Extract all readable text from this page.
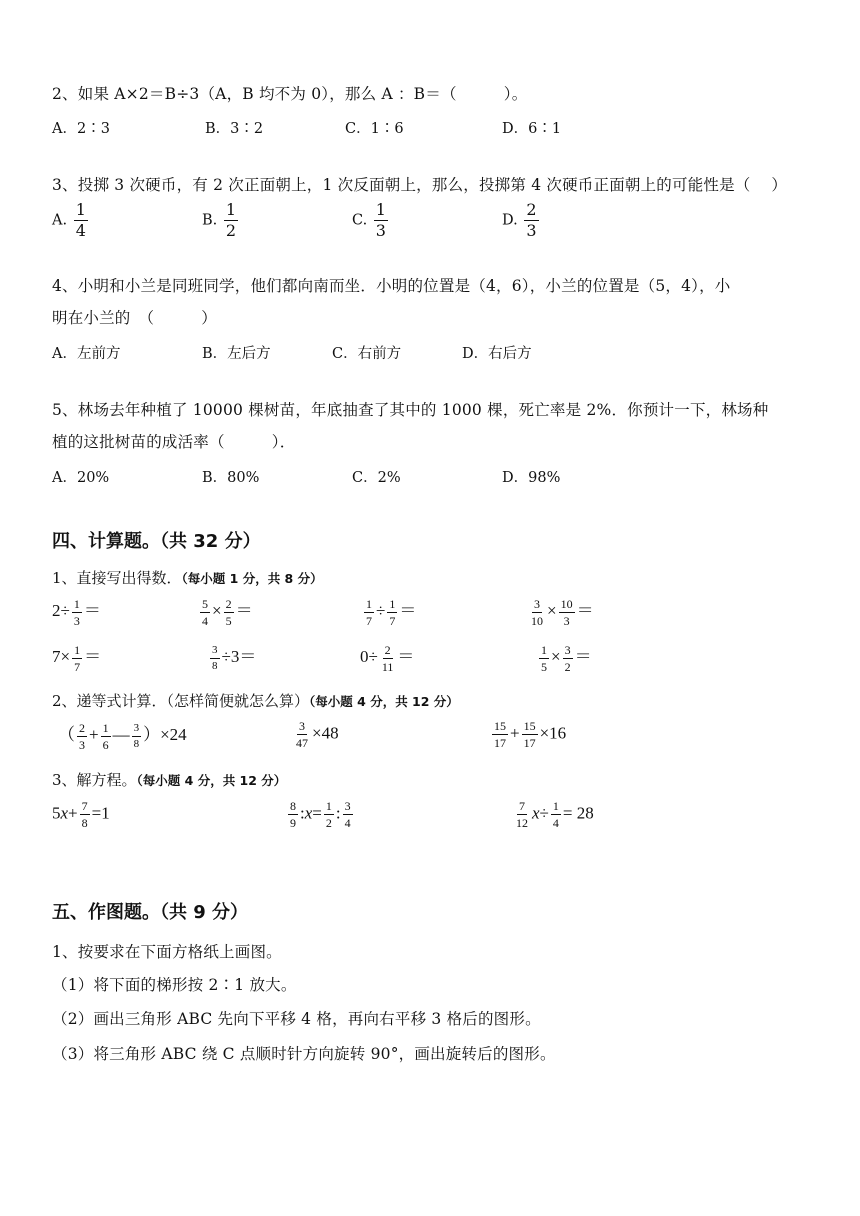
2、如果 A×2＝B÷3（A，B 均不为 0），那么 A ：B＝（　　　）。
A．2∶3	B．3∶2	C．1∶6	D．6∶1
3、投掷 3 次硬币，有 2 次正面朝上，1 次反面朝上，那么，投掷第 4 次硬币正面朝上的可能性是（　 ）
A. $\frac{1}{4}$	B. $\frac{1}{2}$	C. $\frac{1}{3}$	D. $\frac{2}{3}$
4、小明和小兰是同班同学，他们都向南而坐．小明的位置是（4，6），小兰的位置是（5，4），小
明在小兰的　（　　　）
A．左前方	B．左后方	C．右前方	D．右后方
5、林场去年种植了 10000 棵树苗，年底抽查了其中的 1000 棵，死亡率是 2%．你预计一下，林场种
植的这批树苗的成活率（　　　）．
A．20%	B．80%	C．2%	D．98%
四、计算题。（共 32 分）
1、直接写出得数．（每小题 1 分，共 8 分）
$2\div \frac{1}{3}$ ＝	$\frac{5}{4} \times \frac{2}{5}$ ＝	$\frac{1}{7} \div \frac{1}{7}$ ＝	$\frac{3}{10} \times \frac{10}{3}$ ＝
$7\times \frac{1}{7}$ ＝	$\frac{3}{8} \div 3=$	$0\div \frac{2}{11}$ ＝	$\frac{1}{5} \times \frac{3}{2}$ ＝
2、递等式计算．（怎样简便就怎么算）（每小题 4 分，共 12 分）
（ $\frac{2}{3} + \frac{1}{6}$ — $\frac{3}{8} )\times 24$	$\frac{3}{47} \times 48$	$\frac{15}{17} + \frac{15}{17} \times 16$
3、解方程。（每小题 4 分，共 12 分）
$5x+ \frac{7}{8} =1$	$\frac{8}{9}$ :x= $\frac{1}{2}$ : $\frac{3}{4}$	$\frac{7}{12} x\div \frac{1}{4} = 28$
五、作图题。（共 9 分）
1、按要求在下面方格纸上画图。
（1）将下面的梯形按 2∶1 放大。
（2）画出三角形 ABC 先向下平移 4 格，再向右平移 3 格后的图形。
（3）将三角形 ABC 绕 C 点顺时针方向旋转 90°，画出旋转后的图形。
